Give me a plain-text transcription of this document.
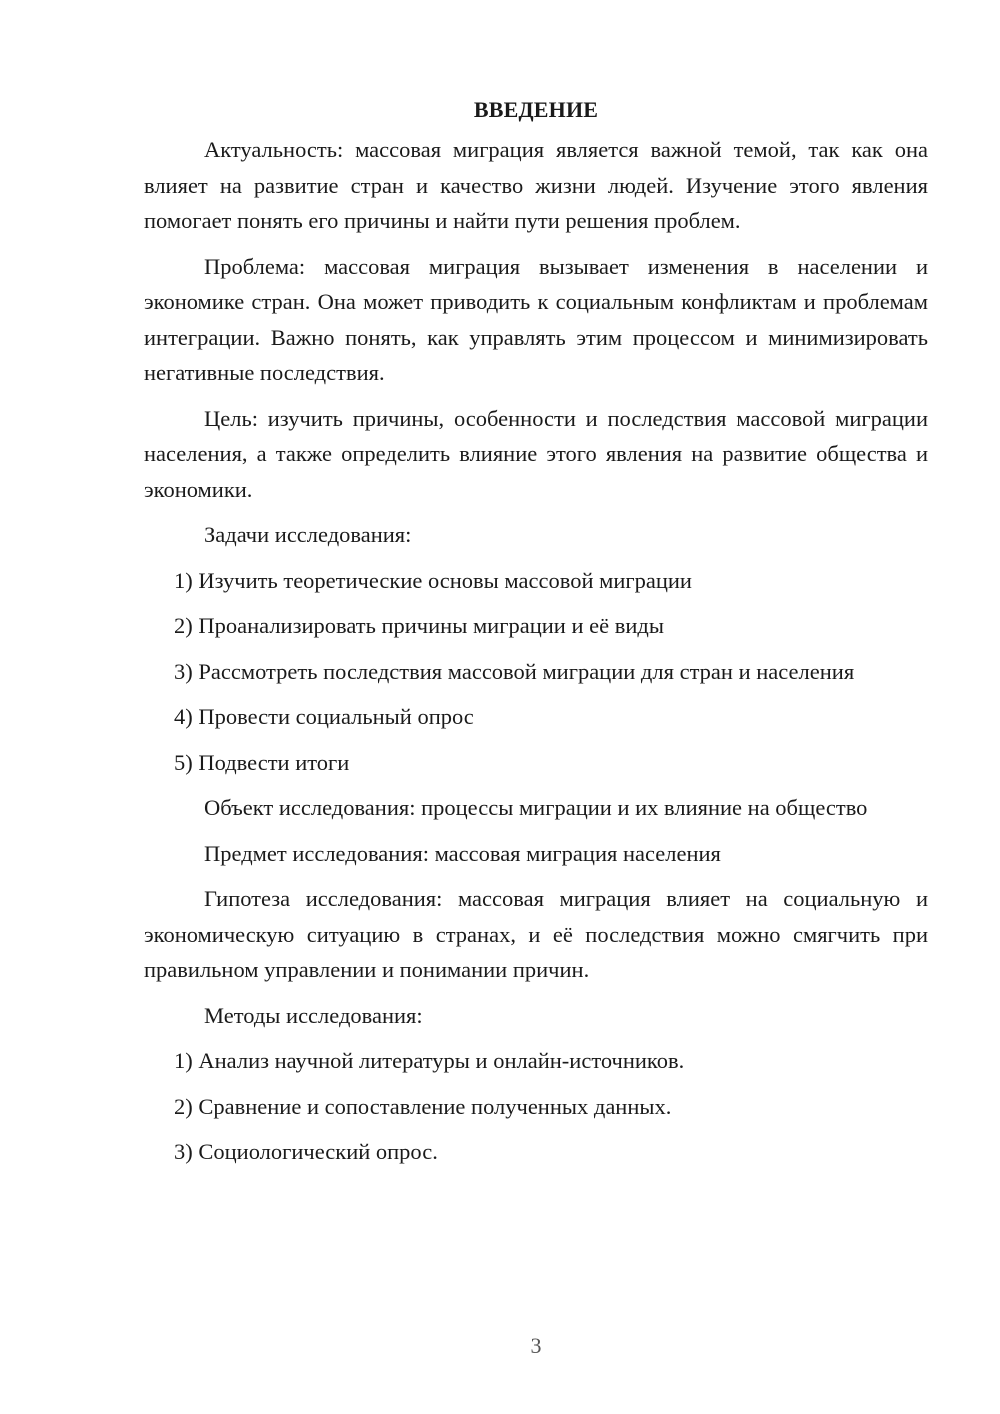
ВВЕДЕНИЕ

Актуальность: массовая миграция является важной темой, так как она влияет на развитие стран и качество жизни людей. Изучение этого явления помогает понять его причины и найти пути решения проблем.

Проблема: массовая миграция вызывает изменения в населении и экономике стран. Она может приводить к социальным конфликтам и проблемам интеграции. Важно понять, как управлять этим процессом и минимизировать негативные последствия.

Цель: изучить причины, особенности и последствия массовой миграции населения, а также определить влияние этого явления на развитие общества и экономики.

Задачи исследования:

1) Изучить теоретические основы массовой миграции
2) Проанализировать причины миграции и её виды
3) Рассмотреть последствия массовой миграции для стран и населения
4) Провести социальный опрос
5) Подвести итоги

Объект исследования: процессы миграции и их влияние на общество

Предмет исследования: массовая миграция населения

Гипотеза исследования: массовая миграция влияет на социальную и экономическую ситуацию в странах, и её последствия можно смягчить при правильном управлении и понимании причин.

Методы исследования:

1) Анализ научной литературы и онлайн-источников.
2) Сравнение и сопоставление полученных данных.
3) Социологический опрос.
3
